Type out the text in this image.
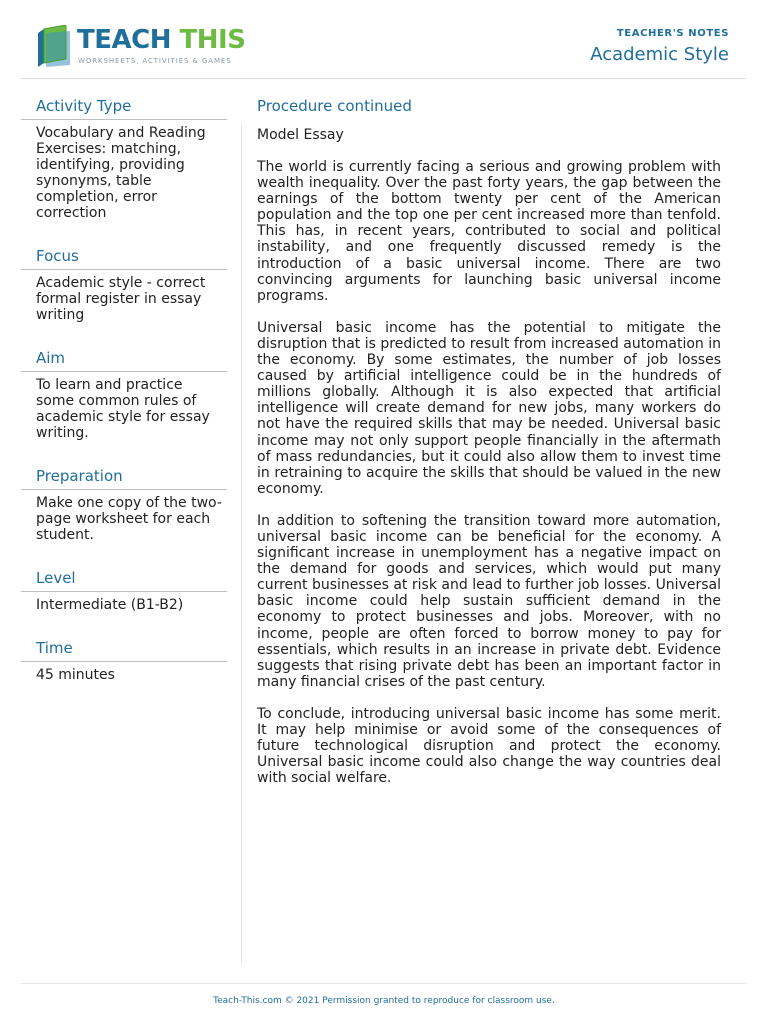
TEACH THIS
WORKSHEETS, ACTIVITIES & GAMES
TEACHER'S NOTES
Academic Style
Activity Type
Vocabulary and Reading Exercises: matching, identifying, providing synonyms, table completion, error correction
Focus
Academic style - correct formal register in essay writing
Aim
To learn and practice some common rules of academic style for essay writing.
Preparation
Make one copy of the two-page worksheet for each student.
Level
Intermediate (B1-B2)
Time
45 minutes
Procedure continued
Model Essay

The world is currently facing a serious and growing problem with wealth inequality. Over the past forty years, the gap between the earnings of the bottom twenty per cent of the American population and the top one per cent increased more than tenfold. This has, in recent years, contributed to social and political instability, and one frequently discussed remedy is the introduction of a basic universal income. There are two convincing arguments for launching basic universal income programs.

Universal basic income has the potential to mitigate the disruption that is predicted to result from increased automation in the economy. By some estimates, the number of job losses caused by artificial intelligence could be in the hundreds of millions globally. Although it is also expected that artificial intelligence will create demand for new jobs, many workers do not have the required skills that may be needed. Universal basic income may not only support people financially in the aftermath of mass redundancies, but it could also allow them to invest time in retraining to acquire the skills that should be valued in the new economy.

In addition to softening the transition toward more automation, universal basic income can be beneficial for the economy. A significant increase in unemployment has a negative impact on the demand for goods and services, which would put many current businesses at risk and lead to further job losses. Universal basic income could help sustain sufficient demand in the economy to protect businesses and jobs. Moreover, with no income, people are often forced to borrow money to pay for essentials, which results in an increase in private debt. Evidence suggests that rising private debt has been an important factor in many financial crises of the past century.

To conclude, introducing universal basic income has some merit. It may help minimise or avoid some of the consequences of future technological disruption and protect the economy. Universal basic income could also change the way countries deal with social welfare.

Teach-This.com © 2021 Permission granted to reproduce for classroom use.
